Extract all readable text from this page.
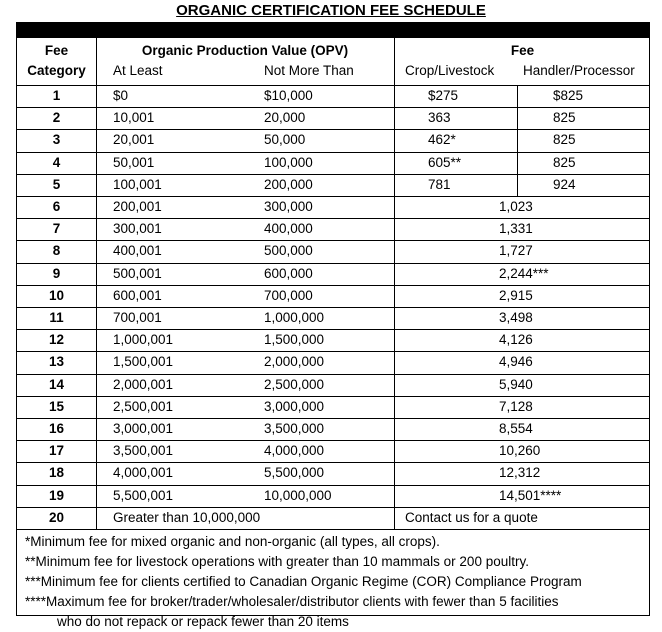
ORGANIC CERTIFICATION FEE SCHEDULE
Fee
Category
Organic Production Value (OPV)
At Least	Not More Than
Fee
Crop/Livestock Handler/Processor
1	$0	$10,000	$275	$825
2	10,001	20,000	363	825
3	20,001	50,000	462*	825
4	50,001	100,000	605**	825
5	100,001	200,000	781	924
6	200,001	300,000	1,023
7	300,001	400,000	1,331
8	400,001	500,000	1,727
9	500,001	600,000	2,244***
10	600,001	700,000	2,915
11	700,001	1,000,000	3,498
12	1,000,001	1,500,000	4,126
13	1,500,001	2,000,000	4,946
14	2,000,001	2,500,000	5,940
15	2,500,001	3,000,000	7,128
16	3,000,001	3,500,000	8,554
17	3,500,001	4,000,000	10,260
18	4,000,001	5,500,000	12,312
19	5,500,001	10,000,000	14,501****
20	Greater than 10,000,000	Contact us for a quote
*Minimum fee for mixed organic and non-organic (all types, all crops).
**Minimum fee for livestock operations with greater than 10 mammals or 200 poultry.
***Minimum fee for clients certified to Canadian Organic Regime (COR) Compliance Program
****Maximum fee for broker/trader/wholesaler/distributor clients with fewer than 5 facilities
who do not repack or repack fewer than 20 items
